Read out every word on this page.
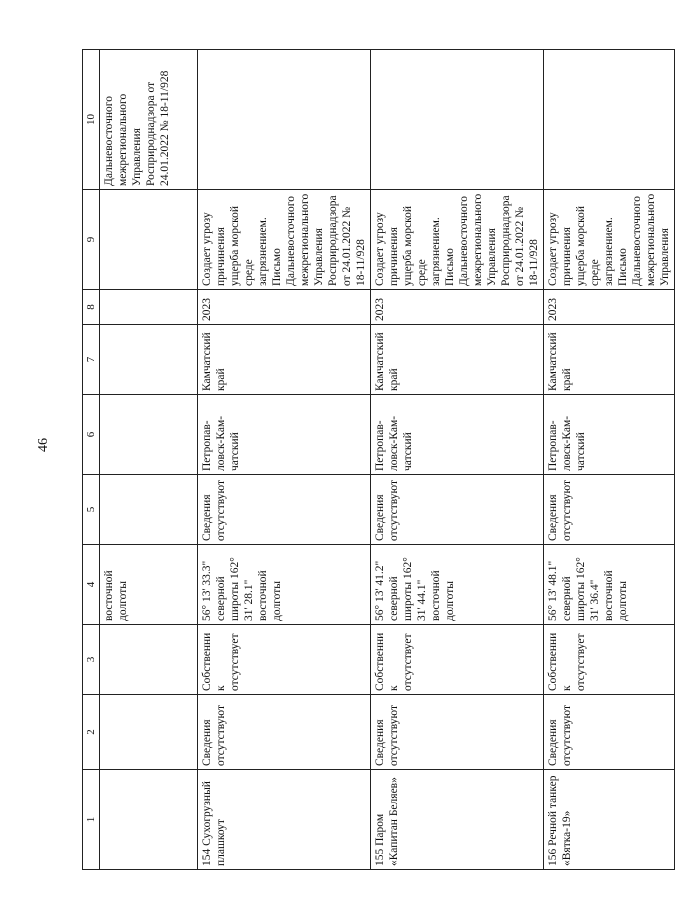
46
1	2	3	4	5	6	7	8	9	10
			восточной долготы						Дальневосточного межрегионального Управления Росприроднадзора от 24.01.2022 № 18-11/928
154 Сухогрузный плашкоут	Сведения отсутствуют	Собственник отсутствует	56° 13' 33.3" северной широты 162° 31' 28.1" восточной долготы	Сведения отсутствуют	Петропав-ловск-Кам-чатский	Камчатский край	2023	Создает угрозу причинения ущерба морской среде загрязнением. Письмо Дальневосточного межрегионального Управления Росприроднадзора от 24.01.2022 № 18-11/928	
155 Паром «Капитан Беляев»	Сведения отсутствуют	Собственник отсутствует	56° 13' 41.2" северной широты 162° 31' 44.1" восточной долготы	Сведения отсутствуют	Петропав-ловск-Кам-чатский	Камчатский край	2023	Создает угрозу причинения ущерба морской среде загрязнением. Письмо Дальневосточного межрегионального Управления Росприроднадзора от 24.01.2022 № 18-11/928	
156 Речной танкер «Вятка-19»	Сведения отсутствуют	Собственник отсутствует	56° 13' 48.1" северной широты 162° 31' 36.4" восточной долготы	Сведения отсутствуют	Петропав-ловск-Кам-чатский	Камчатский край	2023	Создает угрозу причинения ущерба морской среде загрязнением. Письмо Дальневосточного межрегионального Управления	
